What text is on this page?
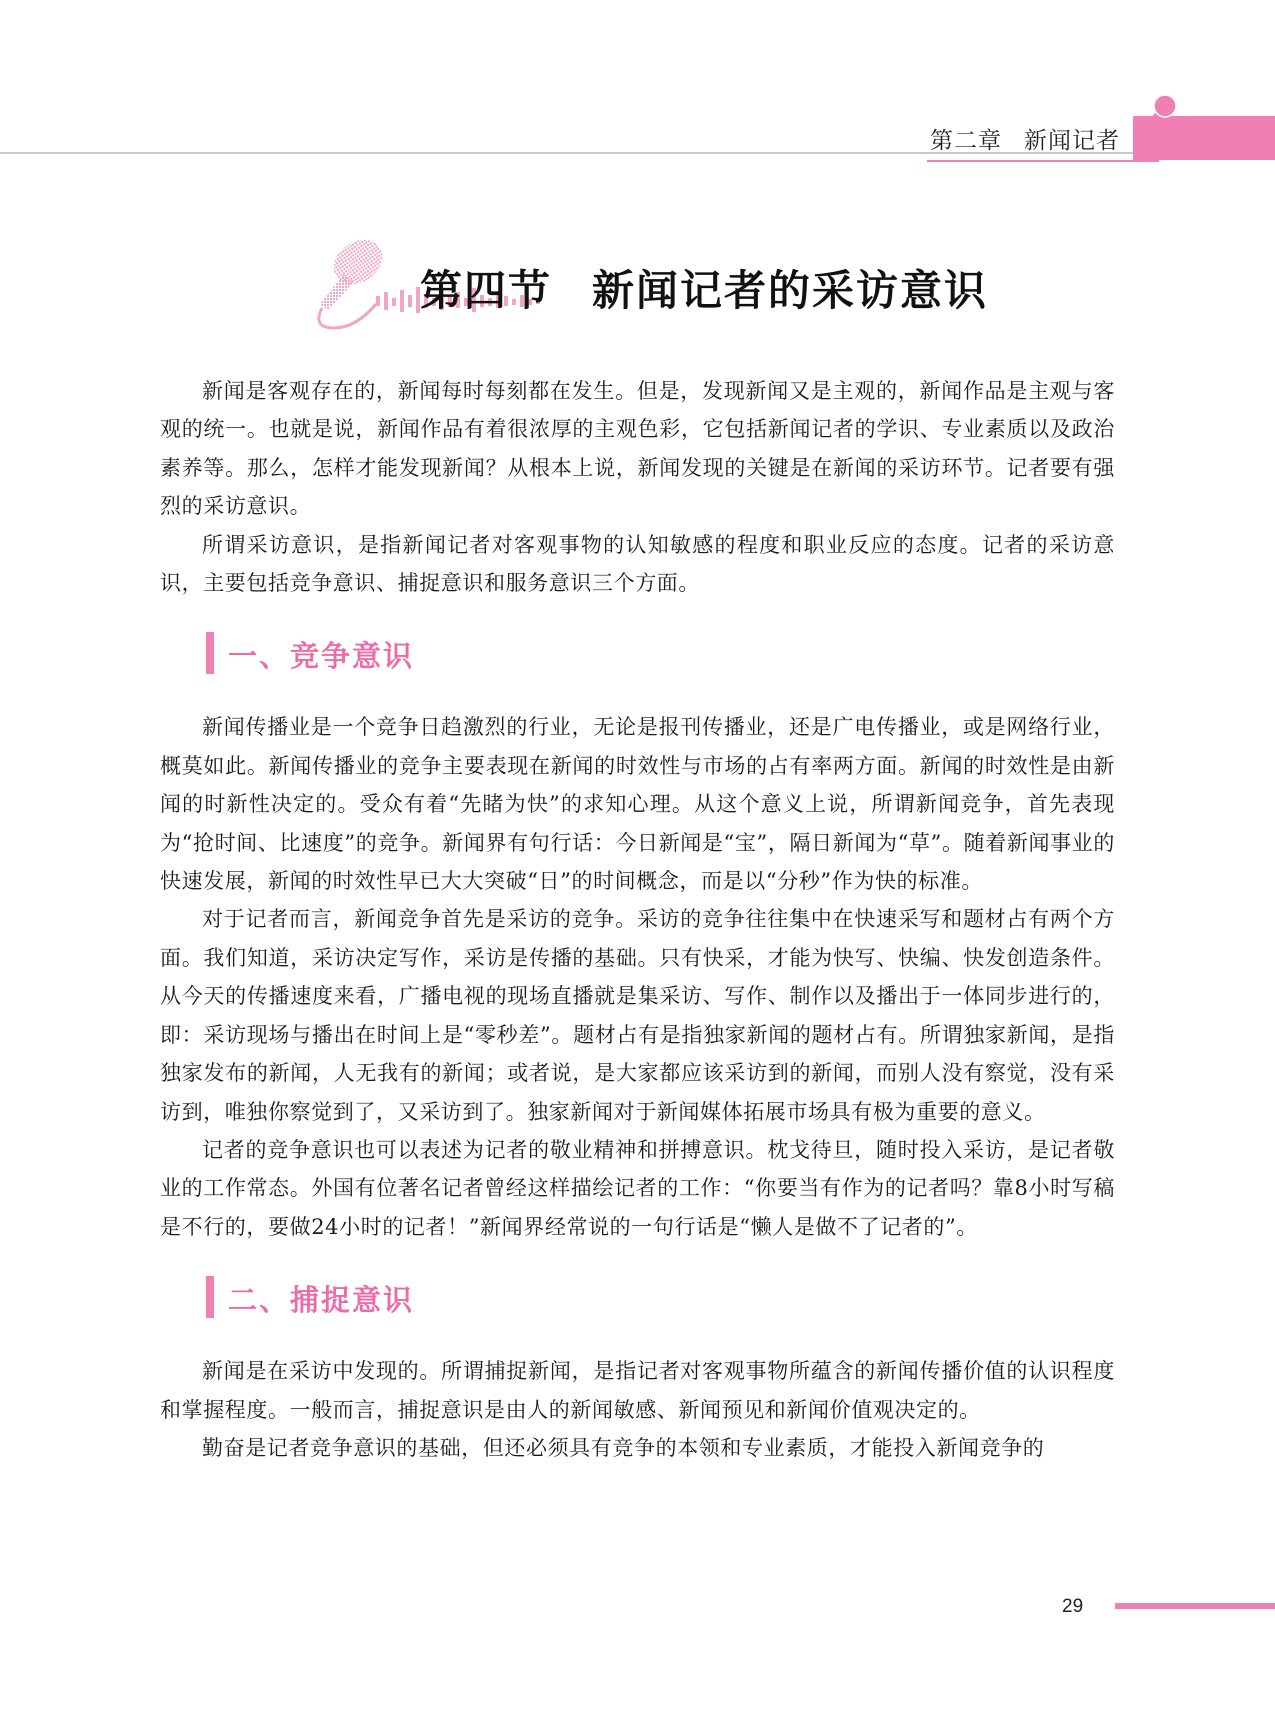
第二章 新闻记者
第四节 新闻记者的采访意识

新闻是客观存在的，新闻每时每刻都在发生。但是，发现新闻又是主观的，新闻作品是主观与客观的统一。也就是说，新闻作品有着很浓厚的主观色彩，它包括新闻记者的学识、专业素质以及政治素养等。那么，怎样才能发现新闻？从根本上说，新闻发现的关键是在新闻的采访环节。记者要有强烈的采访意识。

所谓采访意识，是指新闻记者对客观事物的认知敏感的程度和职业反应的态度。记者的采访意识，主要包括竞争意识、捕捉意识和服务意识三个方面。

一、竞争意识

新闻传播业是一个竞争日趋激烈的行业，无论是报刊传播业，还是广电传播业，或是网络行业，概莫如此。新闻传播业的竞争主要表现在新闻的时效性与市场的占有率两方面。新闻的时效性是由新闻的时新性决定的。受众有着“先睹为快”的求知心理。从这个意义上说，所谓新闻竞争，首先表现为“抢时间、比速度”的竞争。新闻界有句行话：今日新闻是“宝”，隔日新闻为“草”。随着新闻事业的快速发展，新闻的时效性早已大大突破“日”的时间概念，而是以“分秒”作为快的标准。

对于记者而言，新闻竞争首先是采访的竞争。采访的竞争往往集中在快速采写和题材占有两个方面。我们知道，采访决定写作，采访是传播的基础。只有快采，才能为快写、快编、快发创造条件。从今天的传播速度来看，广播电视的现场直播就是集采访、写作、制作以及播出于一体同步进行的，即：采访现场与播出在时间上是“零秒差”。题材占有是指独家新闻的题材占有。所谓独家新闻，是指独家发布的新闻，人无我有的新闻；或者说，是大家都应该采访到的新闻，而别人没有察觉，没有采访到，唯独你察觉到了，又采访到了。独家新闻对于新闻媒体拓展市场具有极为重要的意义。

记者的竞争意识也可以表述为记者的敬业精神和拼搏意识。枕戈待旦，随时投入采访，是记者敬业的工作常态。外国有位著名记者曾经这样描绘记者的工作：“你要当有作为的记者吗？靠8小时写稿是不行的，要做24小时的记者！”新闻界经常说的一句行话是“懒人是做不了记者的”。

二、捕捉意识

新闻是在采访中发现的。所谓捕捉新闻，是指记者对客观事物所蕴含的新闻传播价值的认识程度和掌握程度。一般而言，捕捉意识是由人的新闻敏感、新闻预见和新闻价值观决定的。

勤奋是记者竞争意识的基础，但还必须具有竞争的本领和专业素质，才能投入新闻竞争的

29
